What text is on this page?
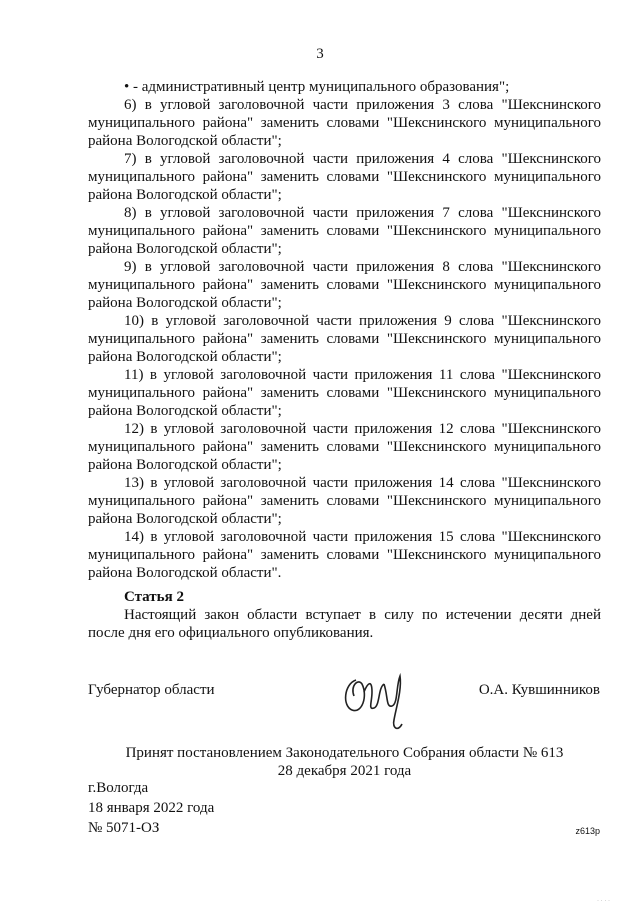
3

• - административный центр муниципального образования";

6) в угловой заголовочной части приложения 3 слова "Шекснинского муниципального района" заменить словами "Шекснинского муниципального района Вологодской области";

7) в угловой заголовочной части приложения 4 слова "Шекснинского муниципального района" заменить словами "Шекснинского муниципального района Вологодской области";

8) в угловой заголовочной части приложения 7 слова "Шекснинского муниципального района" заменить словами "Шекснинского муниципального района Вологодской области";

9) в угловой заголовочной части приложения 8 слова "Шекснинского муниципального района" заменить словами "Шекснинского муниципального района Вологодской области";

10) в угловой заголовочной части приложения 9 слова "Шекснинского муниципального района" заменить словами "Шекснинского муниципального района Вологодской области";

11) в угловой заголовочной части приложения 11 слова "Шекснинского муниципального района" заменить словами "Шекснинского муниципального района Вологодской области";

12) в угловой заголовочной части приложения 12 слова "Шекснинского муниципального района" заменить словами "Шекснинского муниципального района Вологодской области";

13) в угловой заголовочной части приложения 14 слова "Шекснинского муниципального района" заменить словами "Шекснинского муниципального района Вологодской области";

14) в угловой заголовочной части приложения 15 слова "Шекснинского муниципального района" заменить словами "Шекснинского муниципального района Вологодской области".

Статья 2

Настоящий закон области вступает в силу по истечении десяти дней после дня его официального опубликования.

Губернатор области	О.А. Кувшинников
Принят постановлением Законодательного Собрания области № 613
28 декабря 2021 года
г.Вологда
18 января 2022 года
№ 5071-ОЗ	z613p
· · · ·
